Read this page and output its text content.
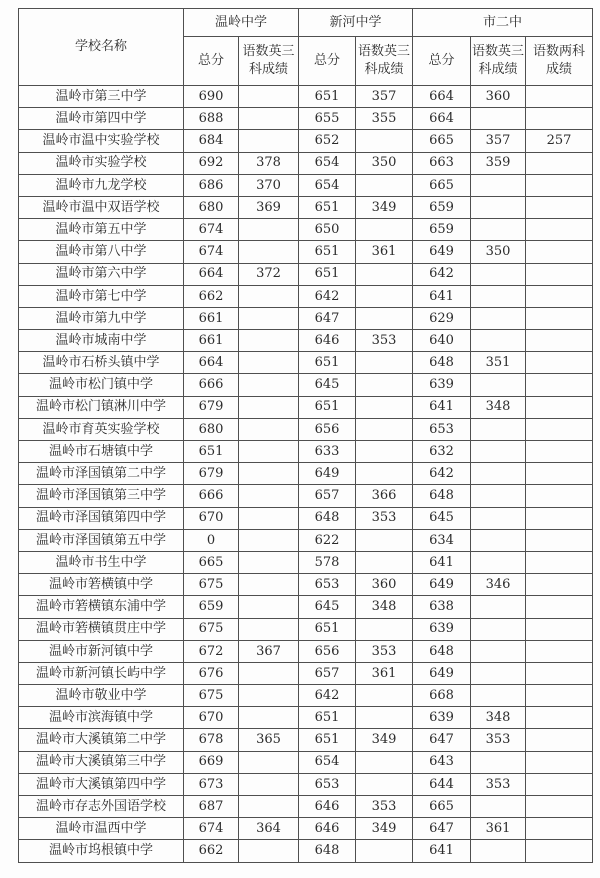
学校名称	温岭中学		新河中学		市二中		
	总分	语数英三科成绩	总分	语数英三科成绩	总分	语数英三科成绩	语数两科成绩
温岭市第三中学	690		651	357	664	360	
温岭市第四中学	688		655	355	664		
温岭市温中实验学校	684		652		665	357	257
温岭市实验学校	692	378	654	350	663	359	
温岭市九龙学校	686	370	654		665		
温岭市温中双语学校	680	369	651	349	659		
温岭市第五中学	674		650		659		
温岭市第八中学	674		651	361	649	350	
温岭市第六中学	664	372	651		642		
温岭市第七中学	662		642		641		
温岭市第九中学	661		647		629		
温岭市城南中学	661		646	353	640		
温岭市石桥头镇中学	664		651		648	351	
温岭市松门镇中学	666		645		639		
温岭市松门镇淋川中学	679		651		641	348	
温岭市育英实验学校	680		656		653		
温岭市石塘镇中学	651		633		632		
温岭市泽国镇第二中学	679		649		642		
温岭市泽国镇第三中学	666		657	366	648		
温岭市泽国镇第四中学	670		648	353	645		
温岭市泽国镇第五中学	0		622		634		
温岭市书生中学	665		578		641		
温岭市箬横镇中学	675		653	360	649	346	
温岭市箬横镇东浦中学	659		645	348	638		
温岭市箬横镇贯庄中学	675		651		639		
温岭市新河镇中学	672	367	656	353	648		
温岭市新河镇长屿中学	676		657	361	649		
温岭市敬业中学	675		642		668		
温岭市滨海镇中学	670		651		639	348	
温岭市大溪镇第二中学	678	365	651	349	647	353	
温岭市大溪镇第三中学	669		654		643		
温岭市大溪镇第四中学	673		653		644	353	
温岭市存志外国语学校	687		646	353	665		
温岭市温西中学	674	364	646	349	647	361	
温岭市坞根镇中学	662		648		641		
